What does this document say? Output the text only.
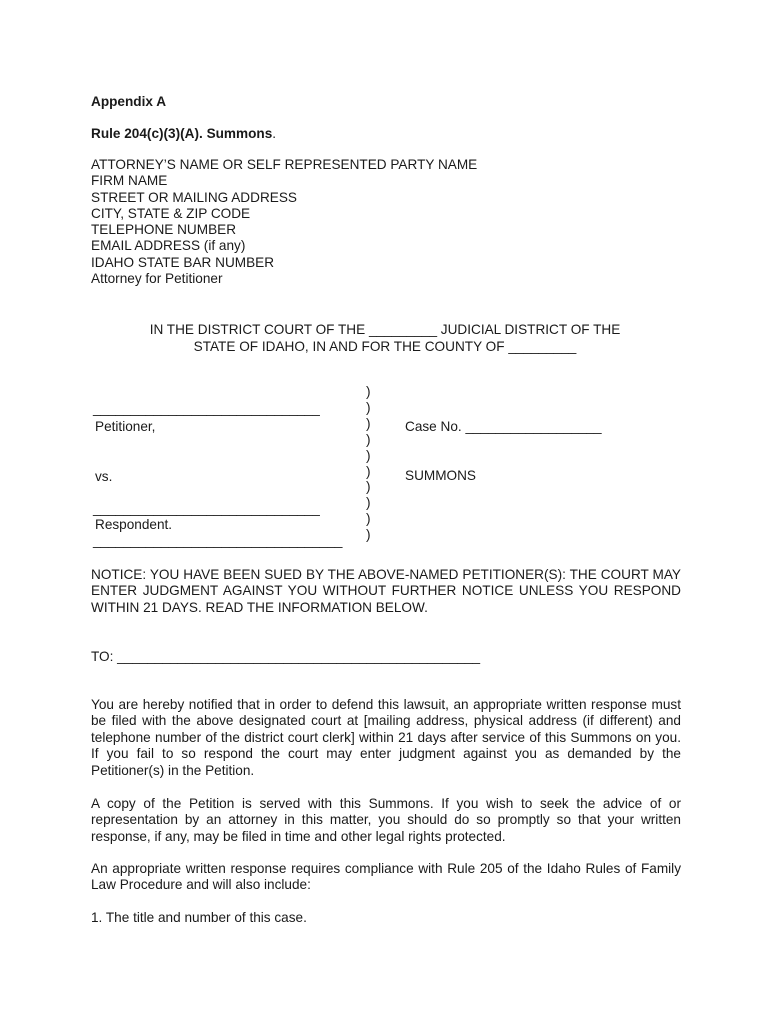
Appendix A
Rule 204(c)(3)(A). Summons.
ATTORNEY’S NAME OR SELF REPRESENTED PARTY NAME
FIRM NAME
STREET OR MAILING ADDRESS
CITY, STATE & ZIP CODE
TELEPHONE NUMBER
EMAIL ADDRESS (if any)
IDAHO STATE BAR NUMBER
Attorney for Petitioner
IN THE DISTRICT COURT OF THE _________ JUDICIAL DISTRICT OF THE
STATE OF IDAHO, IN AND FOR THE COUNTY OF _________
______________________________
Petitioner,
vs.
______________________________
Respondent.
_________________________________
)
)
)
)
)
)
)
)
)
)
Case No. __________________
SUMMONS
NOTICE: YOU HAVE BEEN SUED BY THE ABOVE-NAMED PETITIONER(S): THE COURT MAY ENTER JUDGMENT AGAINST YOU WITHOUT FURTHER NOTICE UNLESS YOU RESPOND WITHIN 21 DAYS. READ THE INFORMATION BELOW.
TO: ________________________________________________
You are hereby notified that in order to defend this lawsuit, an appropriate written response must be filed with the above designated court at [mailing address, physical address (if different) and telephone number of the district court clerk] within 21 days after service of this Summons on you. If you fail to so respond the court may enter judgment against you as demanded by the Petitioner(s) in the Petition.
A copy of the Petition is served with this Summons. If you wish to seek the advice of or representation by an attorney in this matter, you should do so promptly so that your written response, if any, may be filed in time and other legal rights protected.
An appropriate written response requires compliance with Rule 205 of the Idaho Rules of Family Law Procedure and will also include:
1. The title and number of this case.
